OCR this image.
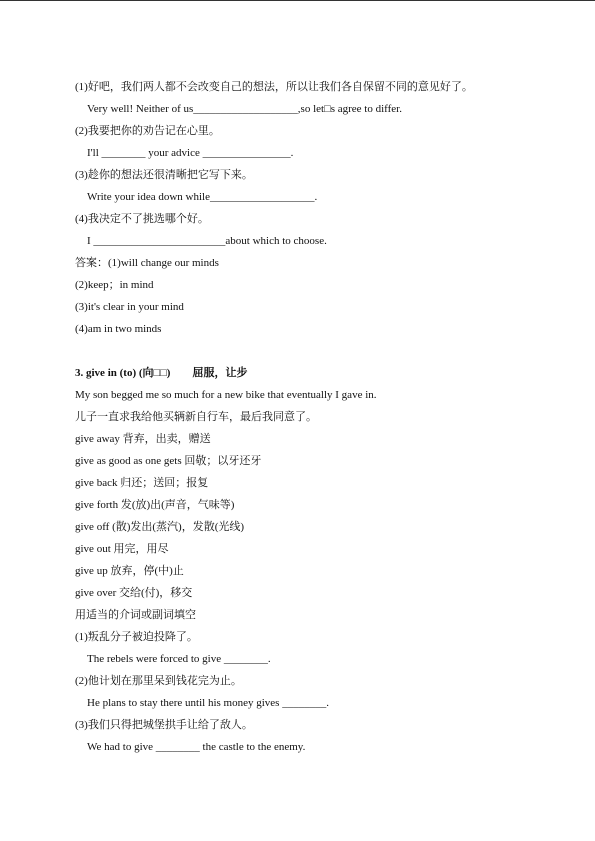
(1)好吧，我们两人都不会改变自己的想法，所以让我们各自保留不同的意见好了。
Very well! Neither of us___________________,so let□s agree to differ.
(2)我要把你的劝告记在心里。
I'll ________ your advice ________________.
(3)趁你的想法还很清晰把它写下来。
Write your idea down while___________________.
(4)我决定不了挑选哪个好。
I ________________________about which to choose.
答案：(1)will change our minds
(2)keep；in mind
(3)it's clear in your mind
(4)am in two minds
3. give in (to) (向□□)　　屈服，让步
My son begged me so much for a new bike that eventually I gave in.
儿子一直求我给他买辆新自行车，最后我同意了。
give away 背弃，出卖，赠送
give as good as one gets 回敬；以牙还牙
give back 归还；送回；报复
give forth 发(放)出(声音，气味等)
give off (散)发出(蒸汽)，发散(光线)
give out 用完，用尽
give up 放弃，停(中)止
give over 交给(付)，移交
用适当的介词或副词填空
(1)叛乱分子被迫投降了。
The rebels were forced to give ________.
(2)他计划在那里呆到钱花完为止。
He plans to stay there until his money gives ________.
(3)我们只得把城堡拱手让给了敌人。
We had to give ________ the castle to the enemy.
